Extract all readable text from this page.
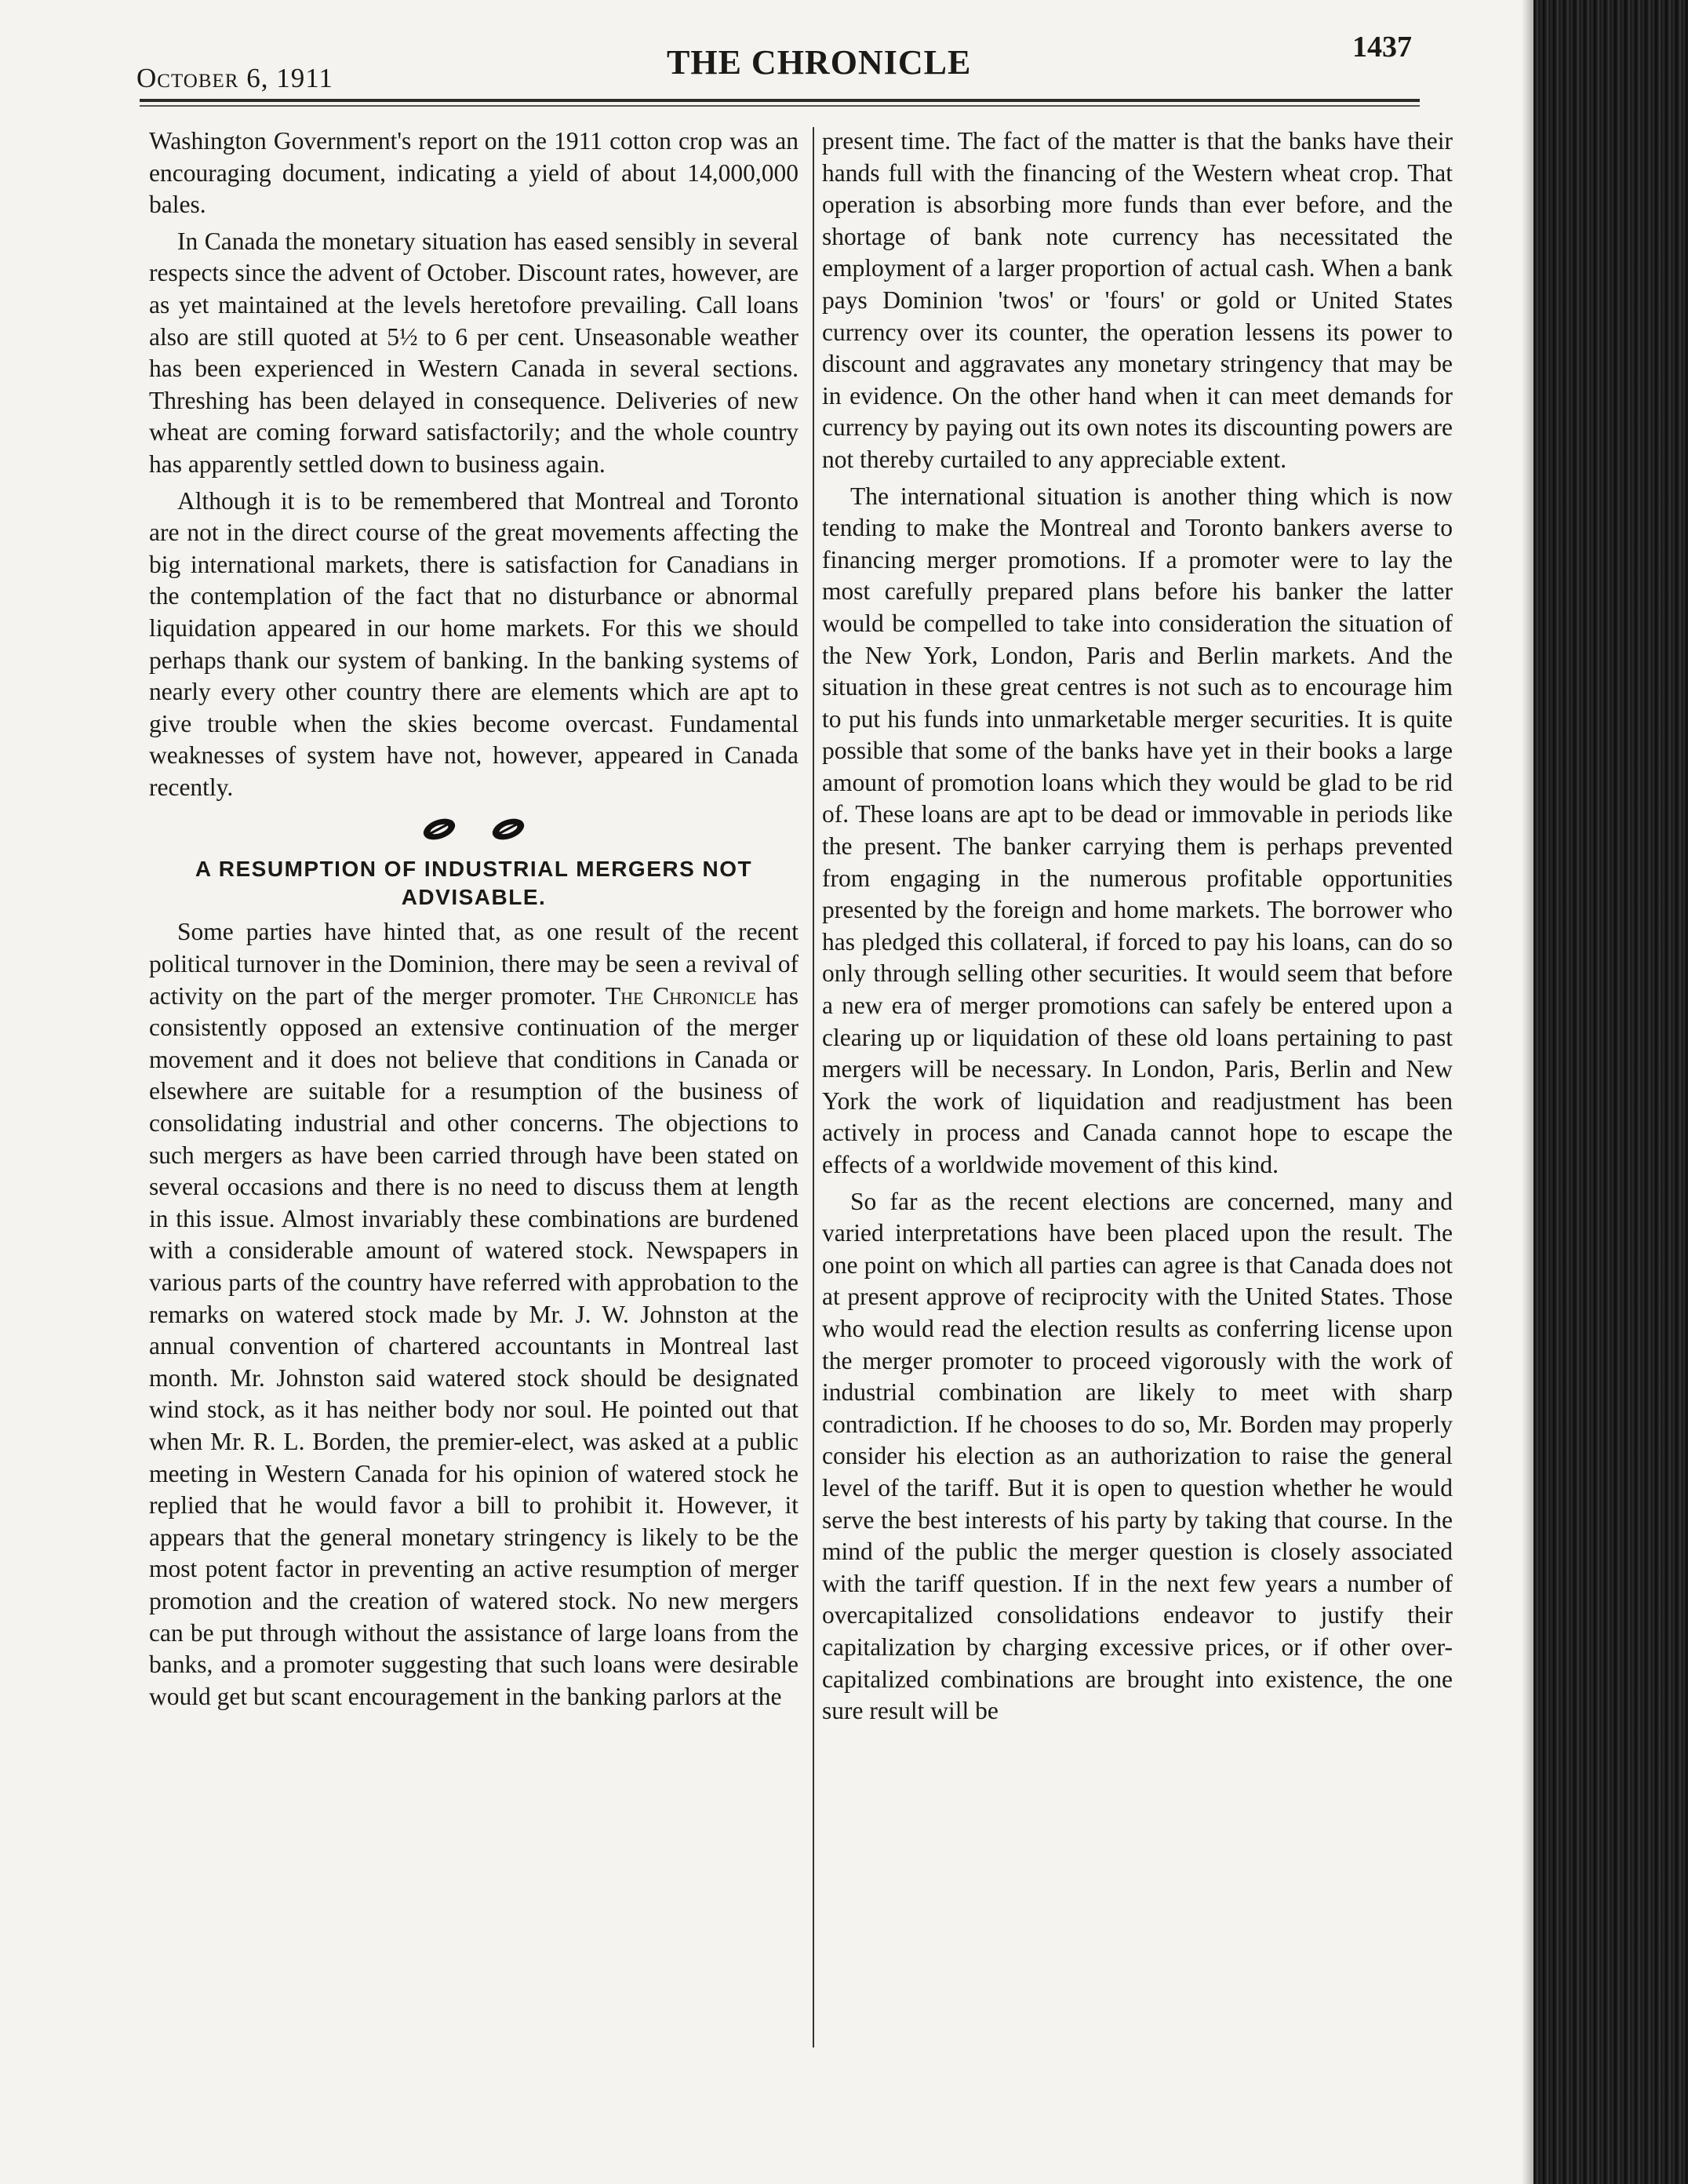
October 6, 1911	THE CHRONICLE	1437

Washington Government's report on the 1911 cotton crop was an encouraging document, indicating a yield of about 14,000,000 bales.

In Canada the monetary situation has eased sensibly in several respects since the advent of October. Discount rates, however, are as yet maintained at the levels heretofore prevailing. Call loans also are still quoted at 5½ to 6 per cent. Unseasonable weather has been experienced in Western Canada in several sections. Threshing has been delayed in consequence. Deliveries of new wheat are coming forward satisfactorily; and the whole country has apparently settled down to business again.

Although it is to be remembered that Montreal and Toronto are not in the direct course of the great movements affecting the big international markets, there is satisfaction for Canadians in the contemplation of the fact that no disturbance or abnormal liquidation appeared in our home markets. For this we should perhaps thank our system of banking. In the banking systems of nearly every other country there are elements which are apt to give trouble when the skies become overcast. Fundamental weaknesses of system have not, however, appeared in Canada recently.

A RESUMPTION OF INDUSTRIAL MERGERS NOT ADVISABLE.

Some parties have hinted that, as one result of the recent political turnover in the Dominion, there may be seen a revival of activity on the part of the merger promoter. The Chronicle has consistently opposed an extensive continuation of the merger movement and it does not believe that conditions in Canada or elsewhere are suitable for a resumption of the business of consolidating industrial and other concerns. The objections to such mergers as have been carried through have been stated on several occasions and there is no need to discuss them at length in this issue. Almost invariably these combinations are burdened with a considerable amount of watered stock. Newspapers in various parts of the country have referred with approbation to the remarks on watered stock made by Mr. J. W. Johnston at the annual convention of chartered accountants in Montreal last month. Mr. Johnston said watered stock should be designated wind stock, as it has neither body nor soul. He pointed out that when Mr. R. L. Borden, the premier-elect, was asked at a public meeting in Western Canada for his opinion of watered stock he replied that he would favor a bill to prohibit it. However, it appears that the general monetary stringency is likely to be the most potent factor in preventing an active resumption of merger promotion and the creation of watered stock. No new mergers can be put through without the assistance of large loans from the banks, and a promoter suggesting that such loans were desirable would get but scant encouragement in the banking parlors at the

present time. The fact of the matter is that the banks have their hands full with the financing of the Western wheat crop. That operation is absorbing more funds than ever before, and the shortage of bank note currency has necessitated the employment of a larger proportion of actual cash. When a bank pays Dominion 'twos' or 'fours' or gold or United States currency over its counter, the operation lessens its power to discount and aggravates any monetary stringency that may be in evidence. On the other hand when it can meet demands for currency by paying out its own notes its discounting powers are not thereby curtailed to any appreciable extent.

The international situation is another thing which is now tending to make the Montreal and Toronto bankers averse to financing merger promotions. If a promoter were to lay the most carefully prepared plans before his banker the latter would be compelled to take into consideration the situation of the New York, London, Paris and Berlin markets. And the situation in these great centres is not such as to encourage him to put his funds into unmarketable merger securities. It is quite possible that some of the banks have yet in their books a large amount of promotion loans which they would be glad to be rid of. These loans are apt to be dead or immovable in periods like the present. The banker carrying them is perhaps prevented from engaging in the numerous profitable opportunities presented by the foreign and home markets. The borrower who has pledged this collateral, if forced to pay his loans, can do so only through selling other securities. It would seem that before a new era of merger promotions can safely be entered upon a clearing up or liquidation of these old loans pertaining to past mergers will be necessary. In London, Paris, Berlin and New York the work of liquidation and readjustment has been actively in process and Canada cannot hope to escape the effects of a worldwide movement of this kind.

So far as the recent elections are concerned, many and varied interpretations have been placed upon the result. The one point on which all parties can agree is that Canada does not at present approve of reciprocity with the United States. Those who would read the election results as conferring license upon the merger promoter to proceed vigorously with the work of industrial combination are likely to meet with sharp contradiction. If he chooses to do so, Mr. Borden may properly consider his election as an authorization to raise the general level of the tariff. But it is open to question whether he would serve the best interests of his party by taking that course. In the mind of the public the merger question is closely associated with the tariff question. If in the next few years a number of overcapitalized consolidations endeavor to justify their capitalization by charging excessive prices, or if other over-capitalized combinations are brought into existence, the one sure result will be
